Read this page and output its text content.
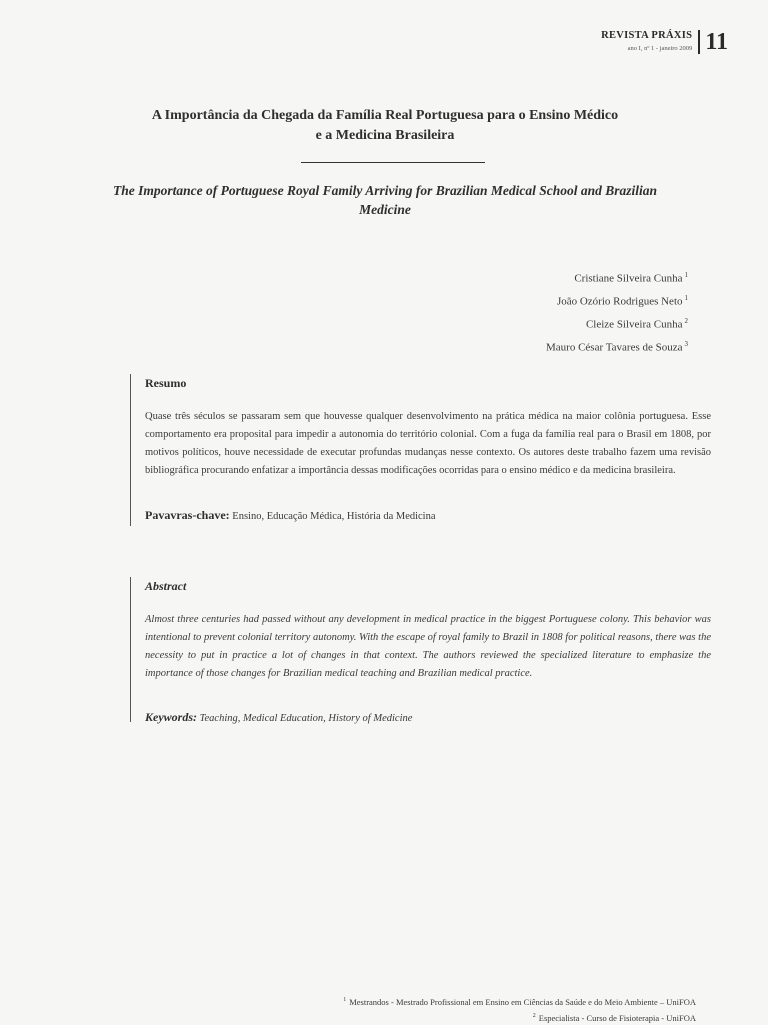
REVISTA PRÁXIS
ano I, nº 1 - janeiro 2009 11
A Importância da Chegada da Família Real Portuguesa para o Ensino Médico
e a Medicina Brasileira
The Importance of Portuguese Royal Family Arriving for Brazilian Medical School and Brazilian
Medicine
Cristiane Silveira Cunha $^1$
João Ozório Rodrigues Neto $^1$
Cleize Silveira Cunha $^2$
Mauro César Tavares de Souza $^3$
Resumo

Quase três séculos se passaram sem que houvesse qualquer desenvolvimento na prática médica na maior colônia portuguesa. Esse comportamento era proposital para impedir a autonomia do território colonial. Com a fuga da família real para o Brasil em 1808, por motivos políticos, houve necessidade de executar profundas mudanças nesse contexto. Os autores deste trabalho fazem uma revisão bibliográfica procurando enfatizar a importância dessas modificações ocorridas para o ensino médico e da medicina brasileira.

Pavavras-chave: Ensino, Educação Médica, História da Medicina
Abstract

Almost three centuries had passed without any development in medical practice in the biggest Portuguese colony. This behavior was intentional to prevent colonial territory autonomy. With the escape of royal family to Brazil in 1808 for political reasons, there was the necessity to put in practice a lot of changes in that context. The authors reviewed the specialized literature to emphasize the importance of those changes for Brazilian medical teaching and Brazilian medical practice.

Keywords: Teaching, Medical Education, History of Medicine
$^1$ Mestrandos - Mestrado Profissional em Ensino em Ciências da Saúde e do Meio Ambiente – UniFOA
$^2$ Especialista - Curso de Fisioterapia - UniFOA
